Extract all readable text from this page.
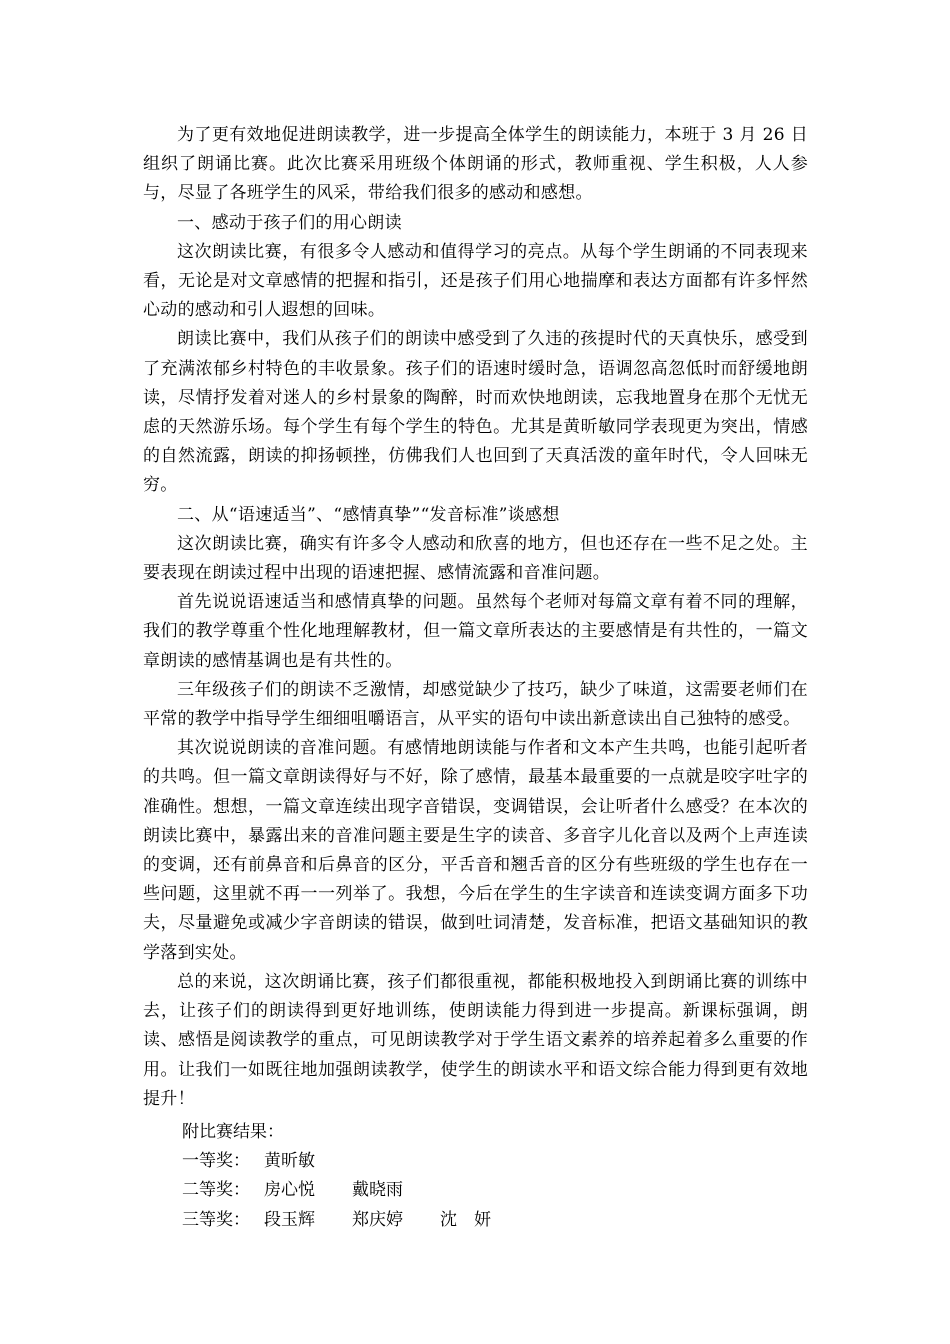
为了更有效地促进朗读教学，进一步提高全体学生的朗读能力，本班于 3 月 26 日组织了朗诵比赛。此次比赛采用班级个体朗诵的形式，教师重视、学生积极，人人参与，尽显了各班学生的风采，带给我们很多的感动和感想。

一、感动于孩子们的用心朗读

这次朗读比赛，有很多令人感动和值得学习的亮点。从每个学生朗诵的不同表现来看，无论是对文章感情的把握和指引，还是孩子们用心地揣摩和表达方面都有许多怦然心动的感动和引人遐想的回味。

朗读比赛中，我们从孩子们的朗读中感受到了久违的孩提时代的天真快乐，感受到了充满浓郁乡村特色的丰收景象。孩子们的语速时缓时急，语调忽高忽低时而舒缓地朗读，尽情抒发着对迷人的乡村景象的陶醉，时而欢快地朗读，忘我地置身在那个无忧无虑的天然游乐场。每个学生有每个学生的特色。尤其是黄昕敏同学表现更为突出，情感的自然流露，朗读的抑扬顿挫，仿佛我们人也回到了天真活泼的童年时代，令人回味无穷。

二、从“语速适当”、“感情真挚”“发音标准”谈感想

这次朗读比赛，确实有许多令人感动和欣喜的地方，但也还存在一些不足之处。主要表现在朗读过程中出现的语速把握、感情流露和音准问题。

首先说说语速适当和感情真挚的问题。虽然每个老师对每篇文章有着不同的理解，我们的教学尊重个性化地理解教材，但一篇文章所表达的主要感情是有共性的，一篇文章朗读的感情基调也是有共性的。

三年级孩子们的朗读不乏激情，却感觉缺少了技巧，缺少了味道，这需要老师们在平常的教学中指导学生细细咀嚼语言，从平实的语句中读出新意读出自己独特的感受。

其次说说朗读的音准问题。有感情地朗读能与作者和文本产生共鸣，也能引起听者的共鸣。但一篇文章朗读得好与不好，除了感情，最基本最重要的一点就是咬字吐字的准确性。想想，一篇文章连续出现字音错误，变调错误，会让听者什么感受？在本次的朗读比赛中，暴露出来的音准问题主要是生字的读音、多音字儿化音以及两个上声连读的变调，还有前鼻音和后鼻音的区分，平舌音和翘舌音的区分有些班级的学生也存在一些问题，这里就不再一一列举了。我想，今后在学生的生字读音和连读变调方面多下功夫，尽量避免或减少字音朗读的错误，做到吐词清楚，发音标准，把语文基础知识的教学落到实处。

总的来说，这次朗诵比赛，孩子们都很重视，都能积极地投入到朗诵比赛的训练中去，让孩子们的朗读得到更好地训练，使朗读能力得到进一步提高。新课标强调，朗读、感悟是阅读教学的重点，可见朗读教学对于学生语文素养的培养起着多么重要的作用。让我们一如既往地加强朗读教学，使学生的朗读水平和语文综合能力得到更有效地提升！

附比赛结果：
一等奖： 黄昕敏
二等奖： 房心悦	戴晓雨
三等奖： 段玉辉	郑庆婷	沈　妍
